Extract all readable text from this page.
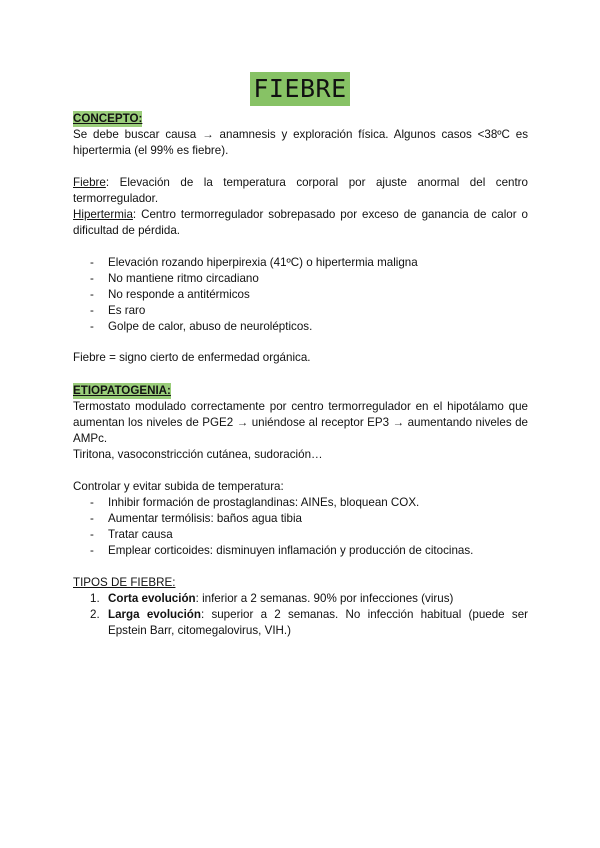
FIEBRE
CONCEPTO:

Se debe buscar causa → anamnesis y exploración física. Algunos casos <38ºC es hipertermia (el 99% es fiebre).

Fiebre: Elevación de la temperatura corporal por ajuste anormal del centro termorregulador.

Hipertermia: Centro termorregulador sobrepasado por exceso de ganancia de calor o dificultad de pérdida.

- Elevación rozando hiperpirexia (41ºC) o hipertermia maligna
- No mantiene ritmo circadiano
- No responde a antitérmicos
- Es raro
- Golpe de calor, abuso de neurolépticos.

Fiebre = signo cierto de enfermedad orgánica.

ETIOPATOGENIA:

Termostato modulado correctamente por centro termorregulador en el hipotálamo que aumentan los niveles de PGE2 → uniéndose al receptor EP3 → aumentando niveles de AMPc.

Tiritona, vasoconstricción cutánea, sudoración…

Controlar y evitar subida de temperatura:

- Inhibir formación de prostaglandinas: AINEs, bloquean COX.
- Aumentar termólisis: baños agua tibia
- Tratar causa
- Emplear corticoides: disminuyen inflamación y producción de citocinas.
TIPOS DE FIEBRE:
1. Corta evolución: inferior a 2 semanas. 90% por infecciones (virus)
2. Larga evolución: superior a 2 semanas. No infección habitual (puede ser Epstein Barr, citomegalovirus, VIH.)
